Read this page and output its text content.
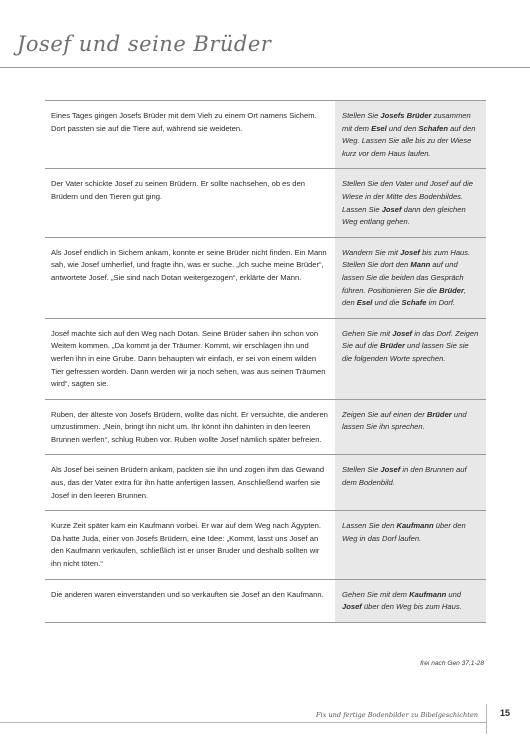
Josef und seine Brüder
Eines Tages gingen Josefs Brüder mit dem Vieh zu einem Ort namens Sichem. Dort passten sie auf die Tiere auf, während sie weideten.
Stellen Sie Josefs Brüder zusammen mit dem Esel und den Schafen auf den Weg. Lassen Sie alle bis zu der Wiese kurz vor dem Haus laufen.
Der Vater schickte Josef zu seinen Brüdern. Er sollte nachsehen, ob es den Brüdern und den Tieren gut ging.
Stellen Sie den Vater und Josef auf die Wiese in der Mitte des Bodenbildes. Lassen Sie Josef dann den gleichen Weg entlang gehen.
Als Josef endlich in Sichem ankam, konnte er seine Brüder nicht finden. Ein Mann sah, wie Josef umherlief, und fragte ihn, was er suche. „Ich suche meine Brüder“, antwortete Josef. „Sie sind nach Dotan weitergezogen“, erklärte der Mann.
Wandern Sie mit Josef bis zum Haus. Stellen Sie dort den Mann auf und lassen Sie die beiden das Gespräch führen. Positionieren Sie die Brüder, den Esel und die Schafe im Dorf.
Josef machte sich auf den Weg nach Dotan. Seine Brüder sahen ihn schon von Weitem kommen. „Da kommt ja der Träumer. Kommt, wir erschlagen ihn und werfen ihn in eine Grube. Dann behaupten wir einfach, er sei von einem wilden Tier gefressen worden. Dann werden wir ja noch sehen, was aus seinen Träumen wird“, sagten sie.
Gehen Sie mit Josef in das Dorf. Zeigen Sie auf die Brüder und lassen Sie sie die folgenden Worte sprechen.
Ruben, der älteste von Josefs Brüdern, wollte das nicht. Er versuchte, die anderen umzustimmen. „Nein, bringt ihn nicht um. Ihr könnt ihn dahinten in den leeren Brunnen werfen“, schlug Ruben vor. Ruben wollte Josef nämlich später befreien.
Zeigen Sie auf einen der Brüder und lassen Sie ihn sprechen.
Als Josef bei seinen Brüdern ankam, packten sie ihn und zogen ihm das Gewand aus, das der Vater extra für ihn hatte anfertigen lassen. Anschließend warfen sie Josef in den leeren Brunnen.
Stellen Sie Josef in den Brunnen auf dem Bodenbild.
Kurze Zeit später kam ein Kaufmann vorbei. Er war auf dem Weg nach Ägypten. Da hatte Juda, einer von Josefs Brüdern, eine Idee: „Kommt, lasst uns Josef an den Kaufmann verkaufen, schließlich ist er unser Bruder und deshalb sollten wir ihn nicht töten.“
Lassen Sie den Kaufmann über den Weg in das Dorf laufen.
Die anderen waren einverstanden und so verkauften sie Josef an den Kaufmann.	Gehen Sie mit dem Kaufmann und Josef über den Weg bis zum Haus.
frei nach Gen 37,1-28
Fix und fertige Bodenbilder zu Bibelgeschichten 15
